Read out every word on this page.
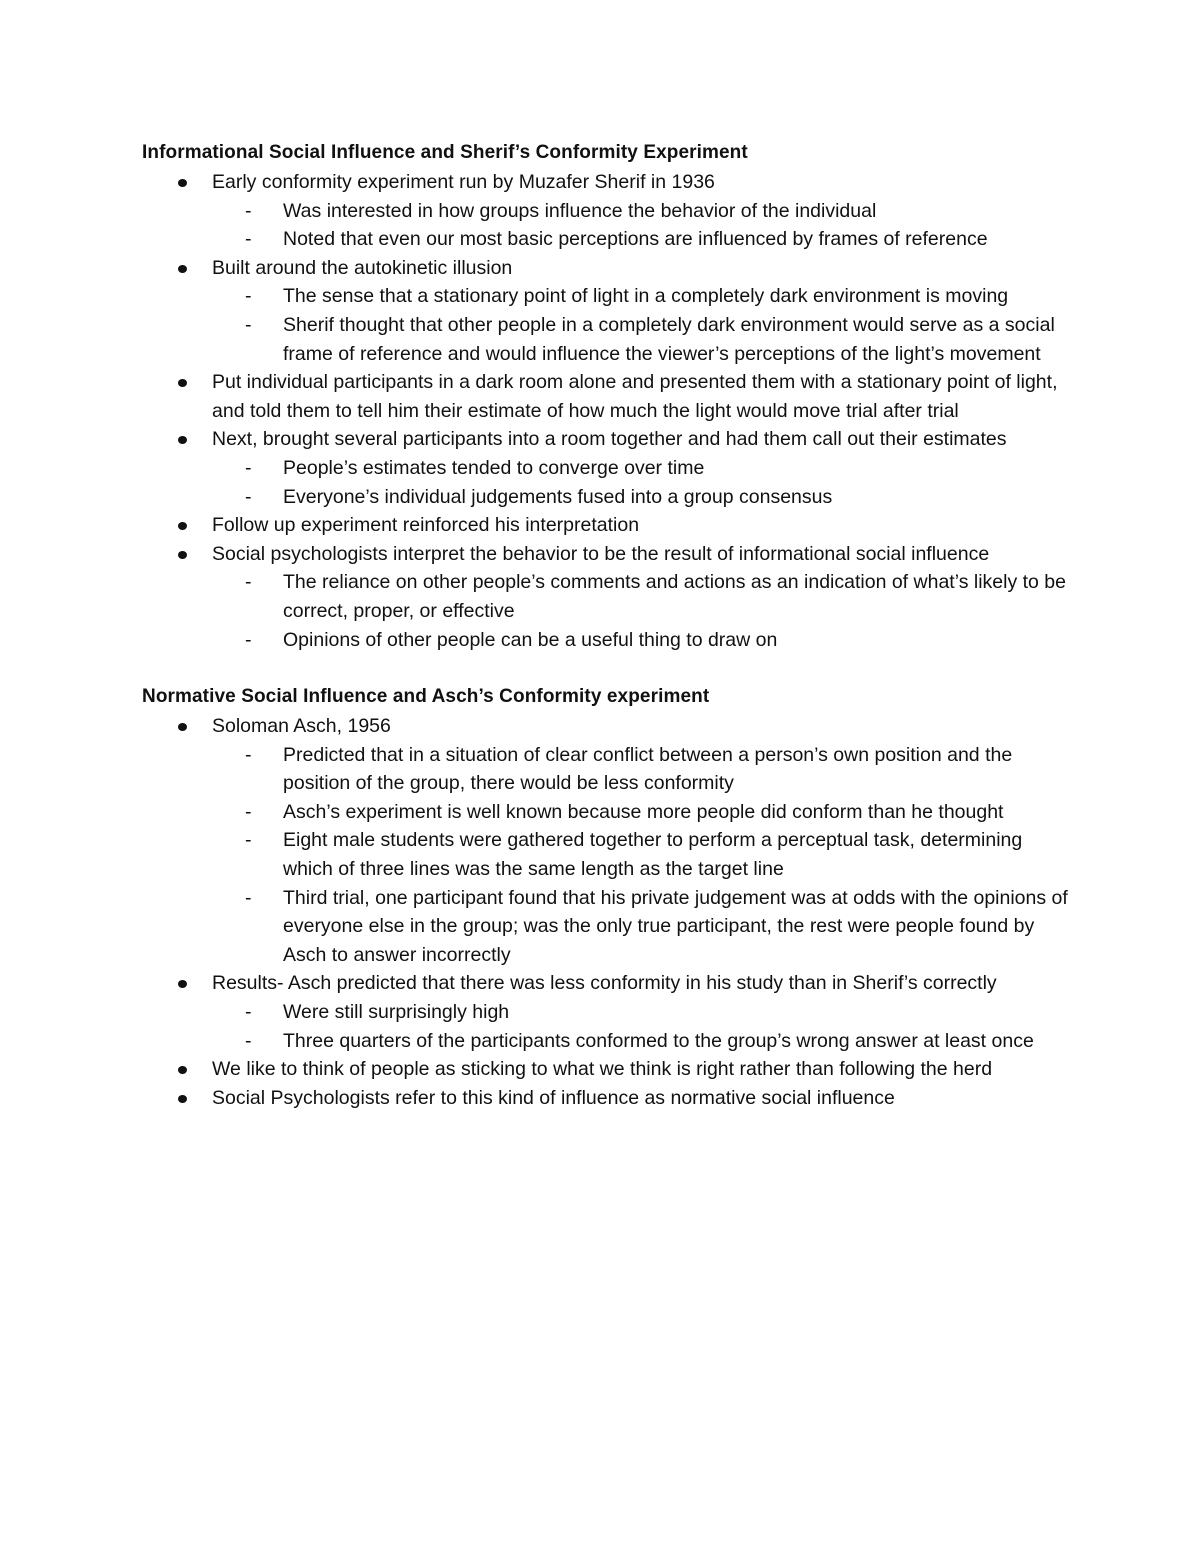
Informational Social Influence and Sherif’s Conformity Experiment
Early conformity experiment run by Muzafer Sherif in 1936
- Was interested in how groups influence the behavior of the individual
- Noted that even our most basic perceptions are influenced by frames of reference
Built around the autokinetic illusion
- The sense that a stationary point of light in a completely dark environment is moving
- Sherif thought that other people in a completely dark environment would serve as a social frame of reference and would influence the viewer’s perceptions of the light’s movement
Put individual participants in a dark room alone and presented them with a stationary point of light, and told them to tell him their estimate of how much the light would move trial after trial
Next, brought several participants into a room together and had them call out their estimates
- People’s estimates tended to converge over time
- Everyone’s individual judgements fused into a group consensus
Follow up experiment reinforced his interpretation
Social psychologists interpret the behavior to be the result of informational social influence
- The reliance on other people’s comments and actions as an indication of what’s likely to be correct, proper, or effective
- Opinions of other people can be a useful thing to draw on
Normative Social Influence and Asch’s Conformity experiment
Soloman Asch, 1956
- Predicted that in a situation of clear conflict between a person’s own position and the position of the group, there would be less conformity
- Asch’s experiment is well known because more people did conform than he thought
- Eight male students were gathered together to perform a perceptual task, determining which of three lines was the same length as the target line
- Third trial, one participant found that his private judgement was at odds with the opinions of everyone else in the group; was the only true participant, the rest were people found by Asch to answer incorrectly
Results- Asch predicted that there was less conformity in his study than in Sherif’s correctly
- Were still surprisingly high
- Three quarters of the participants conformed to the group’s wrong answer at least once
We like to think of people as sticking to what we think is right rather than following the herd
Social Psychologists refer to this kind of influence as normative social influence
